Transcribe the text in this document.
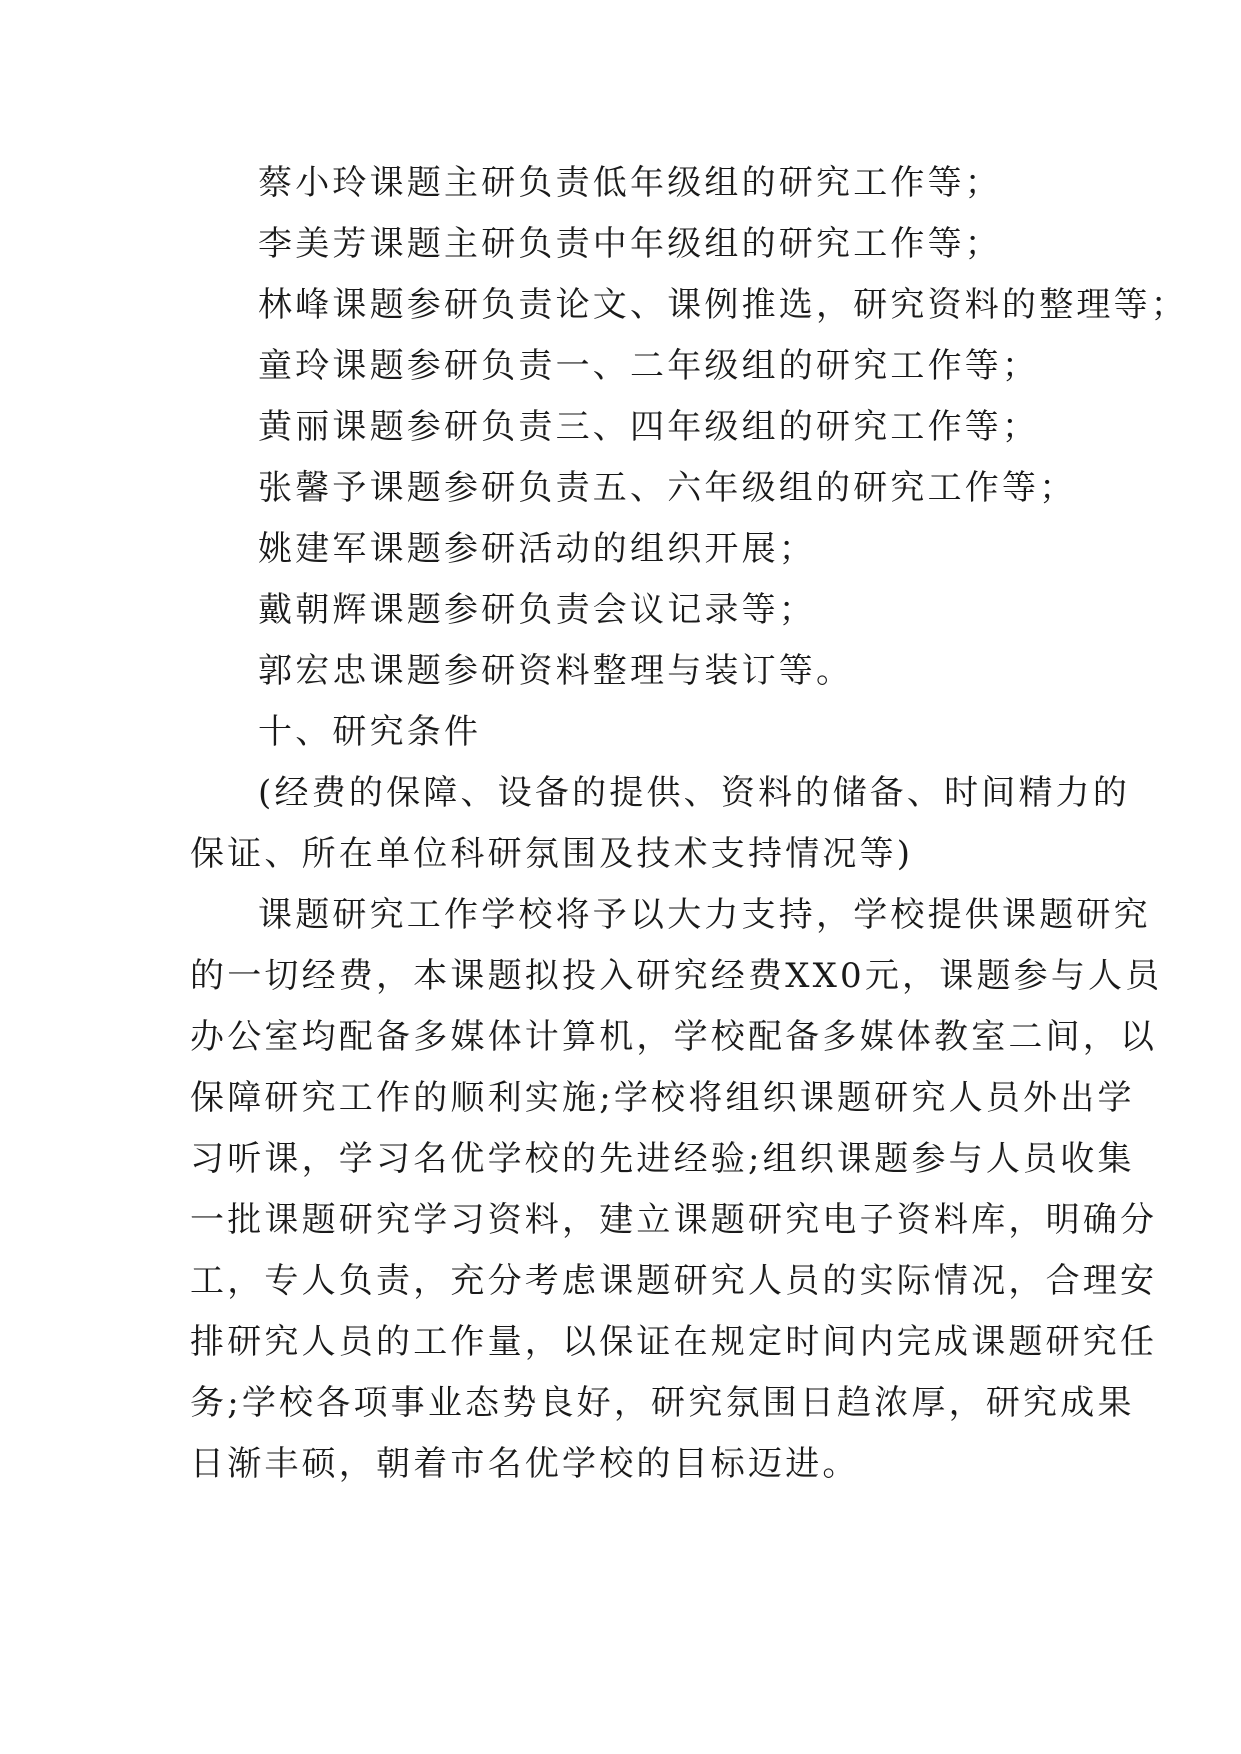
蔡小玲课题主研负责低年级组的研究工作等；
李美芳课题主研负责中年级组的研究工作等；
林峰课题参研负责论文、课例推选，研究资料的整理等；
童玲课题参研负责一、二年级组的研究工作等；
黄丽课题参研负责三、四年级组的研究工作等；
张馨予课题参研负责五、六年级组的研究工作等；
姚建军课题参研活动的组织开展；
戴朝辉课题参研负责会议记录等；
郭宏忠课题参研资料整理与装订等。
十、研究条件
(经费的保障、设备的提供、资料的储备、时间精力的
保证、所在单位科研氛围及技术支持情况等)
课题研究工作学校将予以大力支持，学校提供课题研究
的一切经费，本课题拟投入研究经费XX0元，课题参与人员
办公室均配备多媒体计算机，学校配备多媒体教室二间，以
保障研究工作的顺利实施;学校将组织课题研究人员外出学
习听课，学习名优学校的先进经验;组织课题参与人员收集
一批课题研究学习资料，建立课题研究电子资料库，明确分
工，专人负责，充分考虑课题研究人员的实际情况，合理安
排研究人员的工作量，以保证在规定时间内完成课题研究任
务;学校各项事业态势良好，研究氛围日趋浓厚，研究成果
日渐丰硕，朝着市名优学校的目标迈进。
